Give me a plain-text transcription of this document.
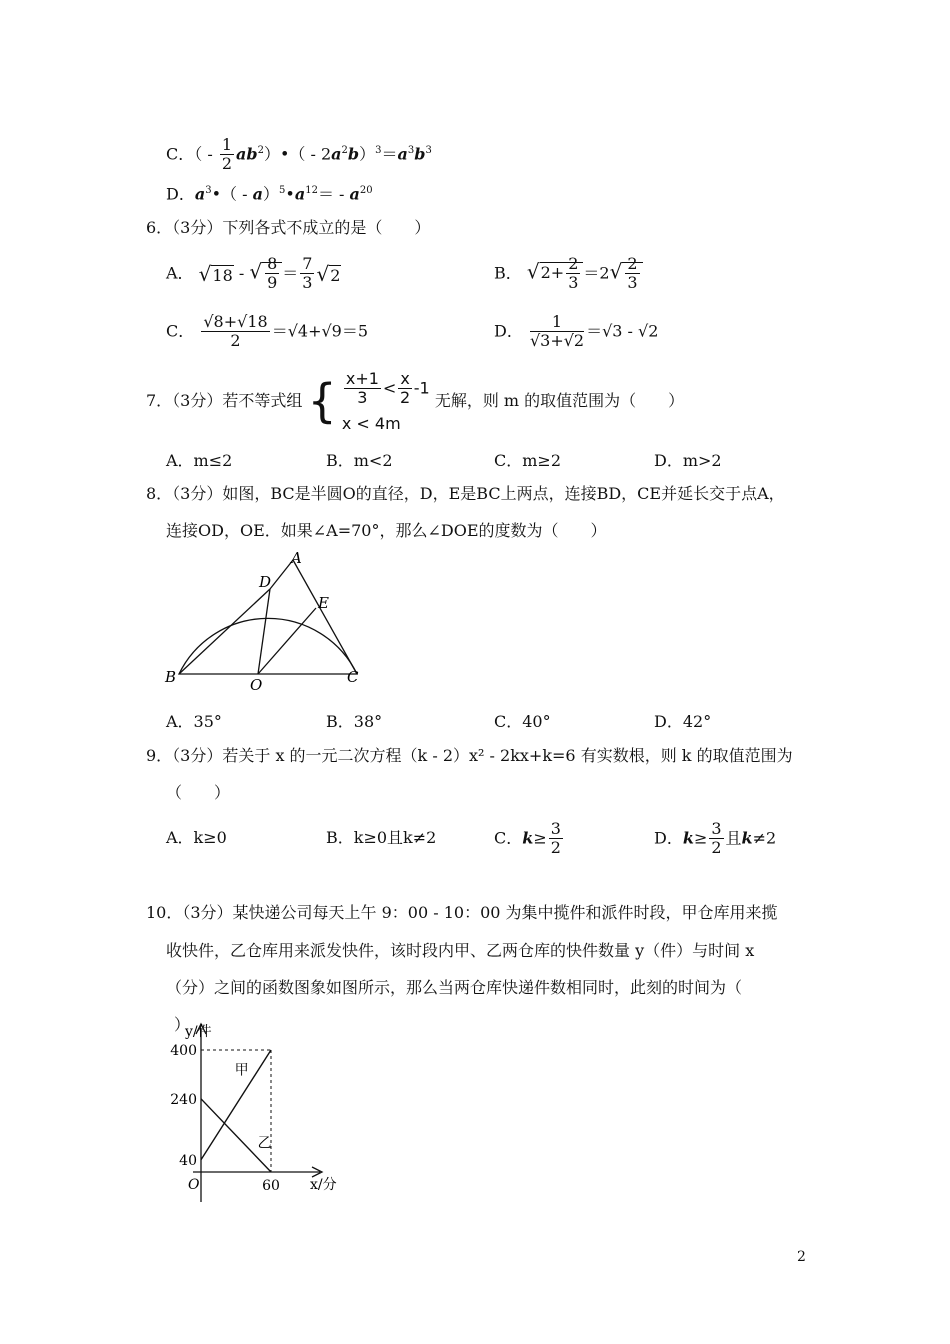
C．（ - $\frac{1}{2}$ $ab^2)•( - 2a^2b)^3=a^3b^3$
D．$a^3•$（ - $a)^5•a^{12}= - a^{20}$
6．（3分）下列各式不成立的是（　　）
A． √18 - √ $\frac{8}{9} = \frac{7}{3} √2$	B． $√2+ \frac{2}{3} =2√ \frac{2}{3}$
C． $\frac{√8+√18}{2} =√4+√9=5$	D． $\frac{1}{√3+√2} =√3 - √2$
7．（3分）若不等式组 { $\frac{x+1}{3} < \frac{x}{2} -1$
x < 4m
无解，则 m 的取值范围为（　　）
A．m≤2	B．m<2	C．m≥2	D．m>2
8．（3分）如图，BC是半圆O的直径，D，E是BC上两点，连接BD，CE并延长交于点A，
连接OD，OE．如果∠A=70°，那么∠DOE的度数为（　　）
A
D
E
B	O	C
A．35°	B．38°	C．40°	D．42°
9．（3分）若关于 x 的一元二次方程（k - 2）x² - 2kx+k=6 有实数根，则 k 的取值范围为
（　　）
A．k≥0	B．k≥0且k≠2	C．$k\ge \frac{3}{2}$	D．$k\ge \frac{3}{2}$ 且k≠2
10．（3分）某快递公司每天上午 9：00 - 10：00 为集中揽件和派件时段，甲仓库用来揽
收快件，乙仓库用来派发快件，该时段内甲、乙两仓库的快件数量 y（件）与时间 x
（分）之间的函数图象如图所示，那么当两仓库快递件数相同时，此刻的时间为（
）
甲
乙
40
240
400
60
y/件
x/分
O
2
